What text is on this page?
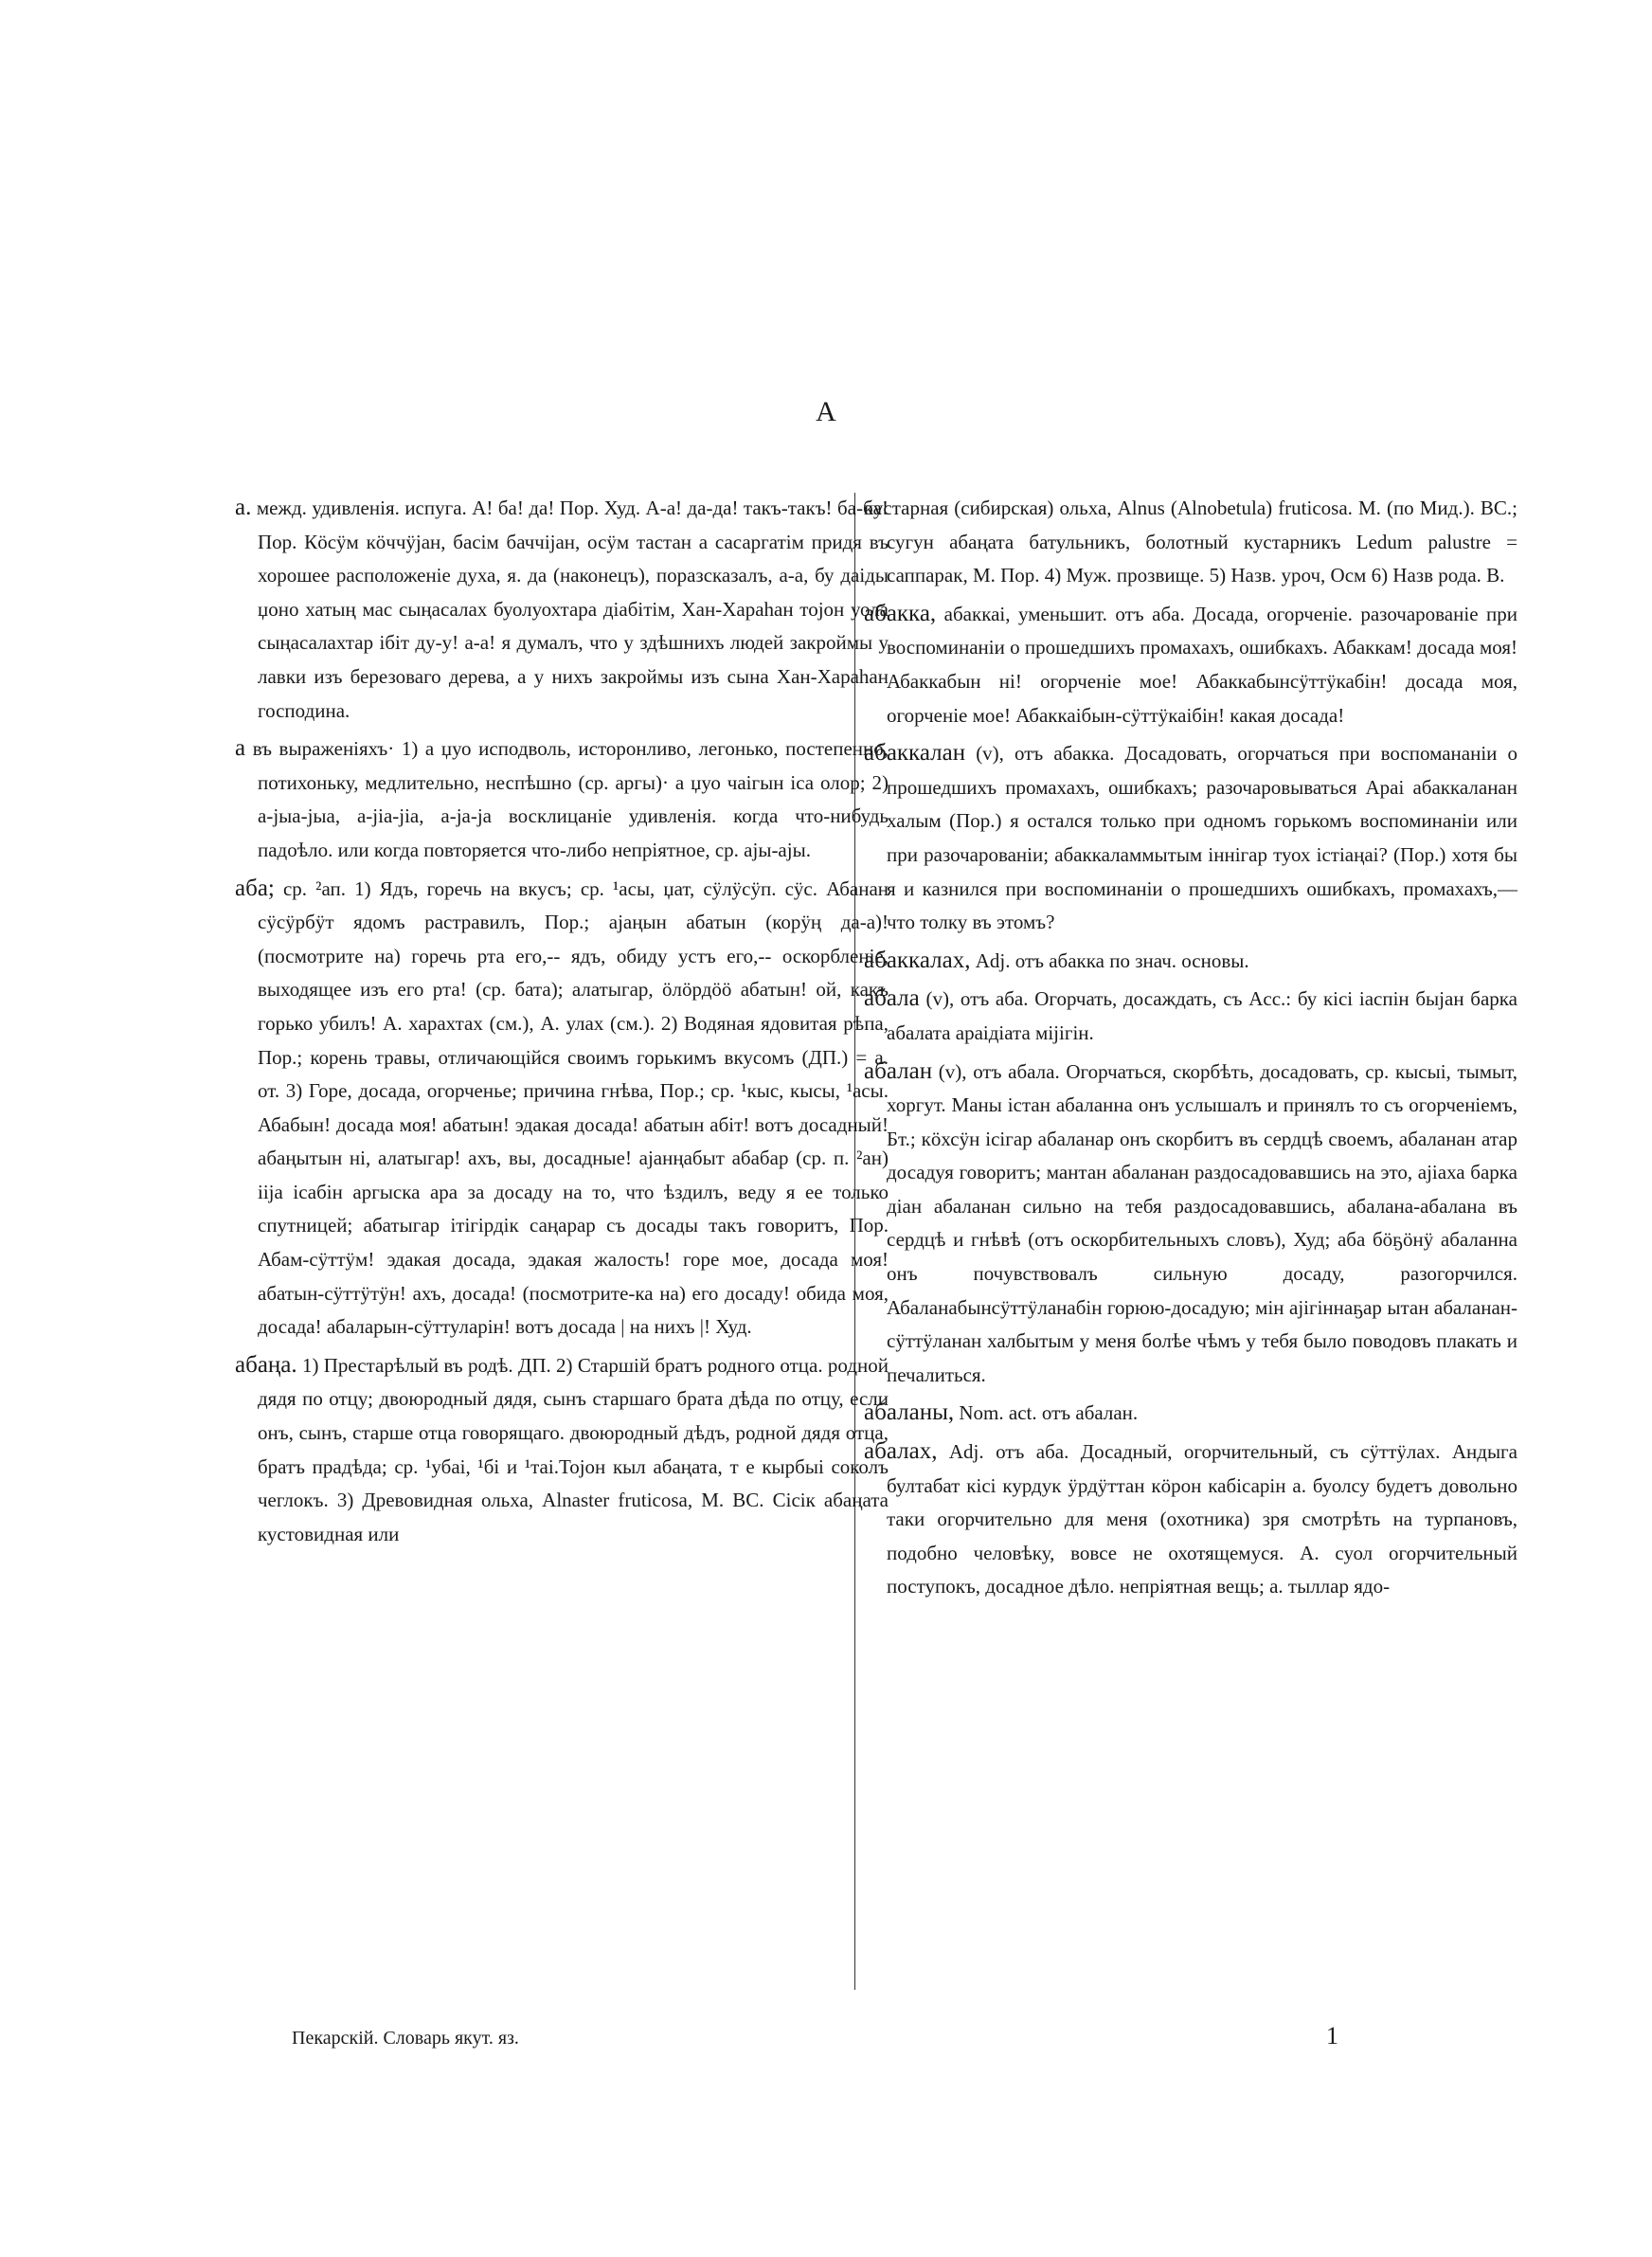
А

а. межд. удивленія. испуга. А! ба! да! Пор. Худ. А-а! да-да! такъ-такъ! ба-ба! Пор. Кӧсӱм кӧччӱјан, басім баччіјан, осӱм тастан а сасаргатім придя въ хорошее расположеніе духа, я. да (наконецъ), поразсказалъ, а-а, бу даіды џоно хатың мас сыңасалах буолуохтара діабітім, Хан-Хараhан тојон уола сыңасалахтар ібіт ду-у! а-а! я думалъ, что у здѣшнихъ людей закроймы у лавки изъ березоваго дерева, а у нихъ закроймы изъ сына Хан-Хараhан господина.

а въ выраженіяхъ· 1) а џуо исподволь, исторонливо, легонько, постепенно, потихоньку, медлительно, неспѣшно (ср. аргы)· а џуо чаігын іса олор; 2) а-јыа-јыа, а-јіа-јіа, а-ја-ја восклицаніе удивленія. когда что-нибудь падоѣло. или когда повторяется что-либо непріятное, ср. ајы-ајы.

аба; ср. ²ап. 1) Ядъ, горечь на вкусъ; ср. ¹асы, џат, сӱлӱсӱп. сӱс. Абанан сӱсӱрбӱт ядомъ растравилъ, Пор.; ајаңын абатын (корӱң да-а)! (посмотрите на) горечь рта его,-- ядъ, обиду устъ его,-- оскорбленіе, выходящее изъ его рта! (ср. бата); алатыгар, ӧлӧрдӧӧ абатын! ой, какъ горько убилъ! А. харахтах (см.), А. улах (см.). 2) Водяная ядовитая рѣпа, Пор.; корень травы, отличающійся своимъ горькимъ вкусомъ (ДП.) = а. от. 3) Горе, досада, огорченье; причина гнѣва, Пор.; ср. ¹кыс, кысы, ¹асы. Абабын! досада моя! абатын! эдакая досада! абатын абіт! вотъ досадный! абаңытын ні, алатыгар! ахъ, вы, досадные! ајанңабыт абабар (ср. п. ²ан) ііја ісабін аргыска ара за досаду на то, что ѣздилъ, веду я ее только спутницей; абатыгар ітігірдік саңарар съ досады такъ говоритъ, Пор. Абам-сӱттӱм! эдакая досада, эдакая жалость! горе мое, досада моя! абатын-сӱттӱтӱн! ахъ, досада! (посмотрите-ка на) его досаду! обида моя, досада! абаларын-сӱттуларін! вотъ досада | на нихъ |! Худ.

абаңа. 1) Престарѣлый въ родѣ. ДП. 2) Старшій братъ родного отца. родной дядя по отцу; двоюродный дядя, сынъ старшаго брата дѣда по отцу, если онъ, сынъ, старше отца говорящаго. двоюродный дѣдъ, родной дядя отца, братъ прадѣда; ср. ¹убаі, ¹бі и ¹таі.Тојон кыл абаңата, т е кырбыі соколъ чеглокъ. 3) Древовидная ольха, Alnaster fruticosa, М. ВС. Сісік абаңата кустовидная или

кустарная (сибирская) ольха, Alnus (Alnobetula) fruticosa. М. (по Мид.). ВС.; сугун абаңата батульникъ, болотный кустарникъ Ledum palustre = саппарак, М. Пор. 4) Муж. прозвище. 5) Назв. уроч, Осм 6) Назв рода. В.

абакка, абаккаі, уменьшит. отъ аба. Досада, огорченіе. разочарованіе при воспоминаніи о прошедшихъ промахахъ, ошибкахъ. Абаккам! досада моя! Абаккабын ні! огорченіе мое! Абаккабынсӱттӱкабін! досада моя, огорченіе мое! Абаккаібын-сӱттӱкаібін! какая досада!

абаккалан (v), отъ абакка. Досадовать, огорчаться при воспомананіи о прошедшихъ промахахъ, ошибкахъ; разочаровываться Араі абаккаланан халым (Пор.) я остался только при одномъ горькомъ воспоминаніи или при разочарованіи; абаккаламмытым іннігар туох істіаңаі? (Пор.) хотя бы я и казнился при воспоминаніи о прошедшихъ ошибкахъ, промахахъ,—что толку въ этомъ?

абаккалах, Adj. отъ абакка по знач. основы.

абала (v), отъ аба. Огорчать, досаждать, съ Acc.: бу кісі іаспін быјан барка абалата араідіата міјігін.

абалан (v), отъ абала. Огорчаться, скорбѣть, досадовать, ср. кысыі, тымыт, хоргут. Маны істан абаланна онъ услышалъ и принялъ то съ огорченіемъ, Бт.; кӧхсӱн ісігар абаланар онъ скорбитъ въ сердцѣ своемъ, абаланан атар досадуя говоритъ; мантан абаланан раздосадовавшись на это, ајіаха барка діан абаланан сильно на тебя раздосадовавшись, абалана-абалана въ сердцѣ и гнѣвѣ (отъ оскорбительныхъ словъ), Худ; аба бӧҕӧнӱ абаланна онъ почувствовалъ сильную досаду, разогорчился. Абаланабынсӱттӱланабін горюю-досадую; мін ајігіннаҕар ытан абаланан-сӱттӱланан халбытым у меня болѣе чѣмъ у тебя было поводовъ плакать и печалиться.

абаланы, Nom. act. отъ абалан.

абалах, Adj. отъ аба. Досадный, огорчительный, съ сӱттӱлах. Андыга бултабат кісі курдук ӱрдӱттан кӧрон кабісарін а. буолсу будетъ довольно таки огорчительно для меня (охотника) зря смотрѣть на турпановъ, подобно человѣку, вовсе не охотящемуся. А. суол огорчительный поступокъ, досадное дѣло. непріятная вещь; а. тыллар ядо-

Пекарскій. Словарь якут. яз.	1
